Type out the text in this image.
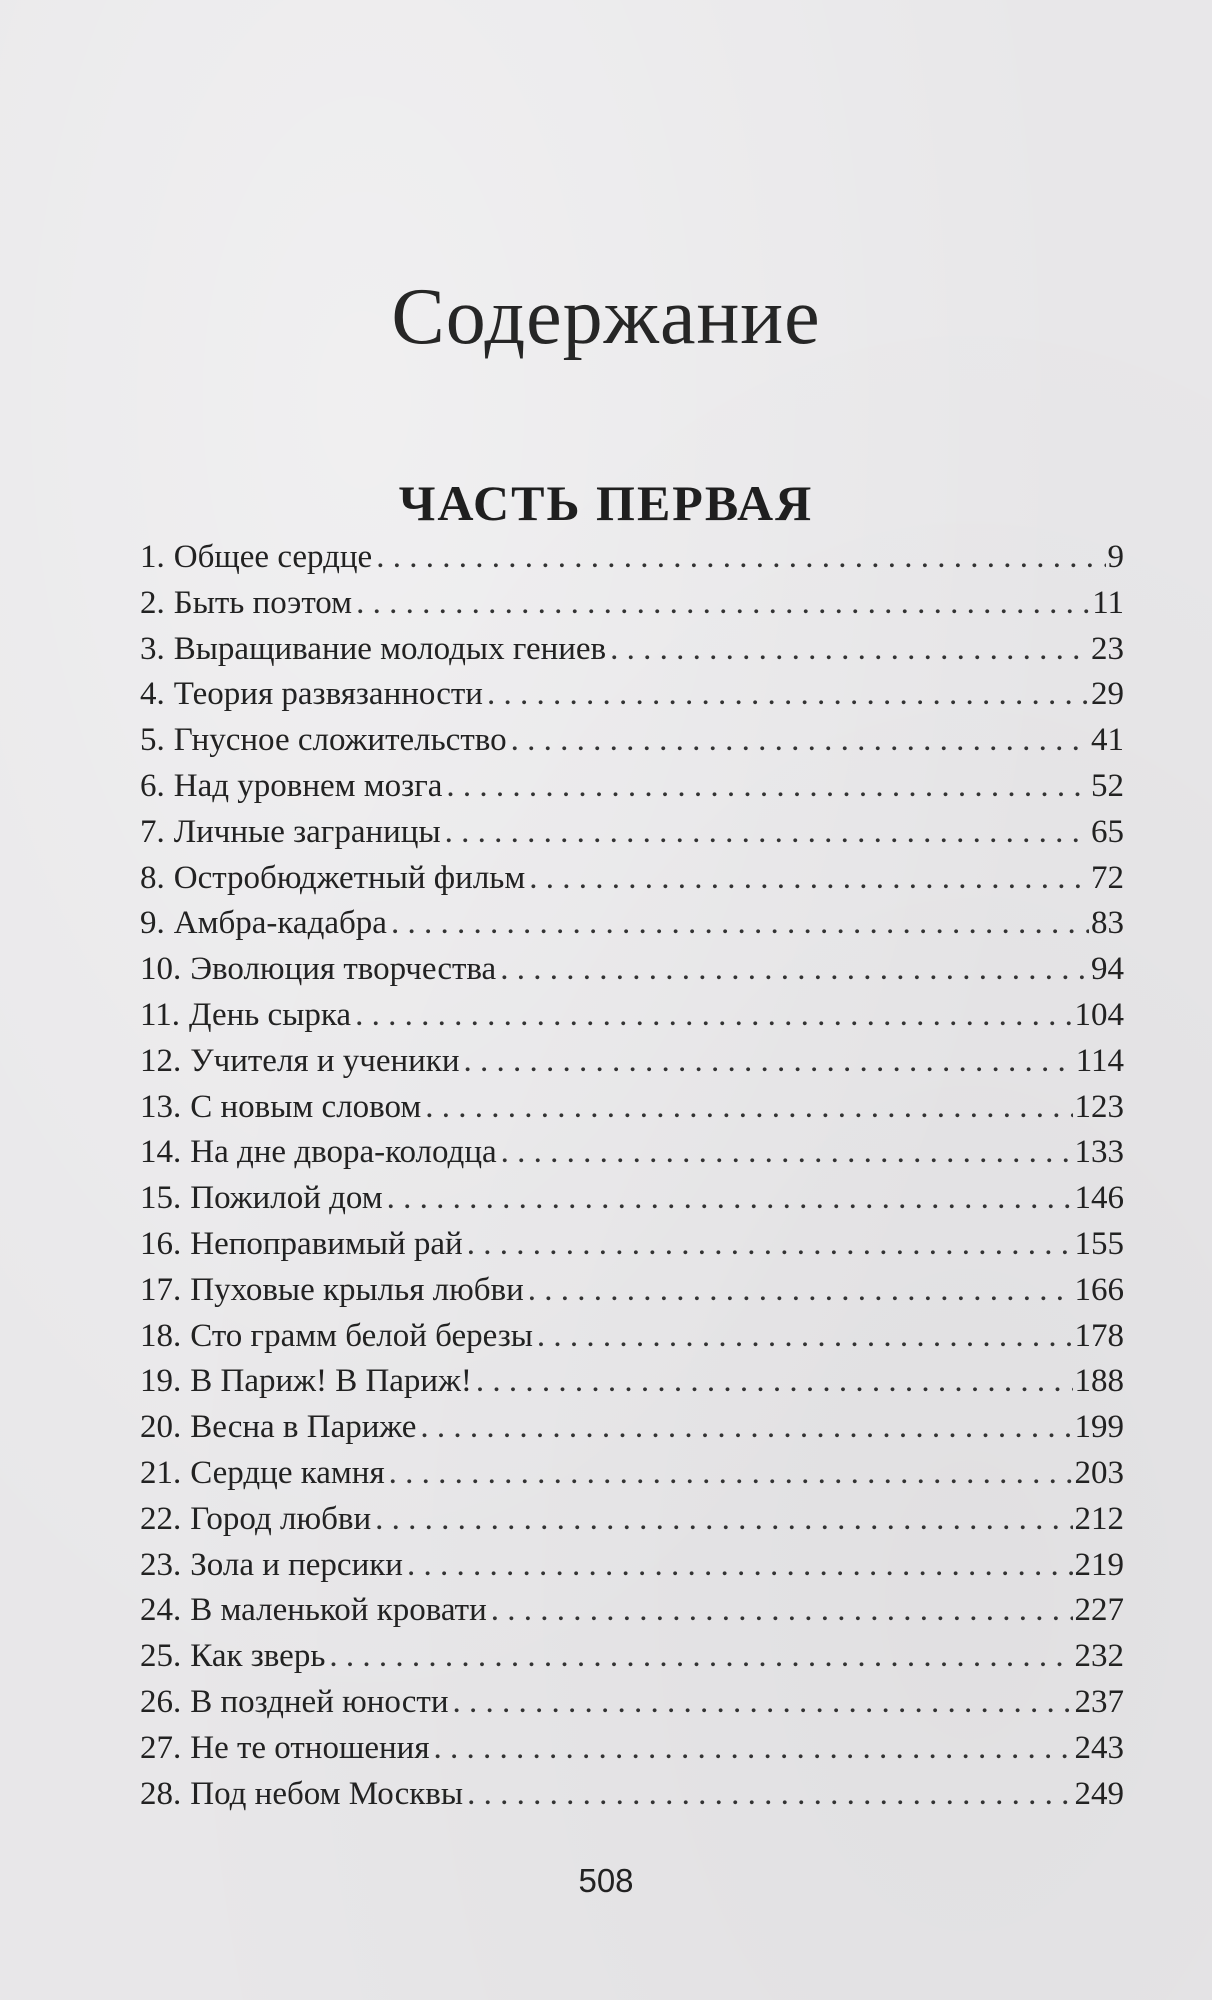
Содержание
ЧАСТЬ ПЕРВАЯ
1. Общее сердце . . .	9
2. Быть поэтом . . .	11
3. Выращивание молодых гениев . . .	23
4. Теория развязанности . . .	29
5. Гнусное сложительство . . .	41
6. Над уровнем мозга . . .	52
7. Личные заграницы . . .	65
8. Остробюджетный фильм . . .	72
9. Амбра-кадабра . . .	83
10. Эволюция творчества . . .	94
11. День сырка . . .	104
12. Учителя и ученики . . .	114
13. С новым словом . . .	123
14. На дне двора-колодца . . .	133
15. Пожилой дом . . .	146
16. Непоправимый рай . . .	155
17. Пуховые крылья любви . . .	166
18. Сто грамм белой березы . . .	178
19. В Париж! В Париж! . . .	188
20. Весна в Париже . . .	199
21. Сердце камня . . .	203
22. Город любви . . .	212
23. Зола и персики . . .	219
24. В маленькой кровати . . .	227
25. Как зверь . . .	232
26. В поздней юности . . .	237
27. Не те отношения . . .	243
28. Под небом Москвы . . .	249
508
